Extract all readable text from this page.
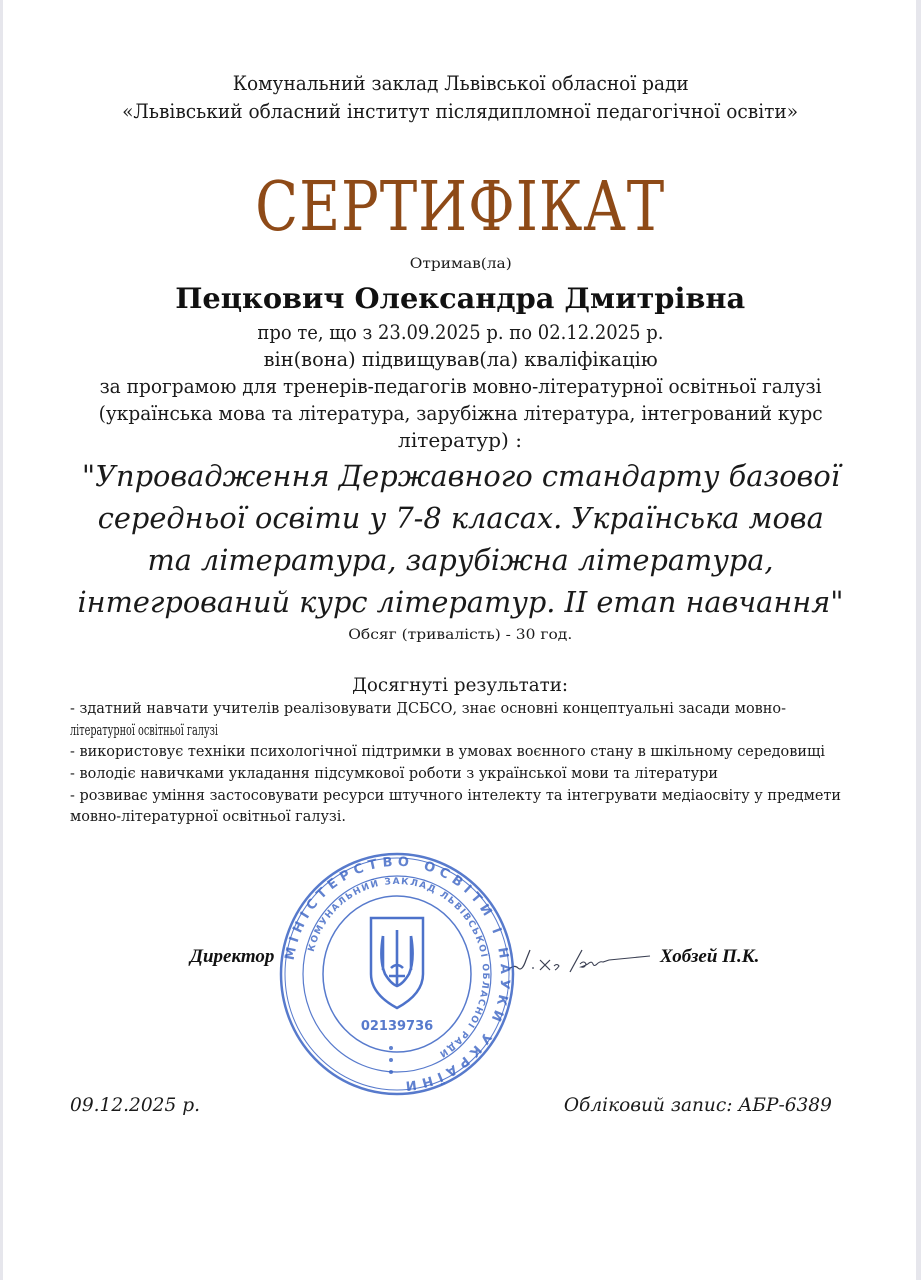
Комунальний заклад Львівської обласної ради
«Львівський обласний інститут післядипломної педагогічної освіти»
СЕРТИФІКАТ
Отримав(ла)
Пецкович Олександра Дмитрівна
про те, що з 23.09.2025 р. по 02.12.2025 р.
він(вона) підвищував(ла) кваліфікацію
за програмою для тренерів-педагогів мовно-літературної освітньої галузі
(українська мова та література, зарубіжна література, інтегрований курс
літератур) :
"Упровадження Державного стандарту базової
середньої освіти у 7-8 класах. Українська мова
та література, зарубіжна література,
інтегрований курс літератур. II етап навчання"
Обсяг (тривалість) - 30 год.
Досягнуті результати:
- здатний навчати учителів реалізовувати ДСБСО, знає основні концептуальні засади мовно-
літературної освітньої галузі
- використовує техніки психологічної підтримки в умовах воєнного стану в шкільному середовищі
- володіє навичками укладання підсумкової роботи з української мови та літератури
- розвиває уміння застосовувати ресурси штучного інтелекту та інтегрувати медіаосвіту у предмети
мовно-літературної освітньої галузі.
Директор	Хобзей П.К.
МІНІСТЕРСТВО ОСВІТИ І НАУКИ УКРАЇНИ
КОМУНАЛЬНИЙ ЗАКЛАД ЛЬВІВСЬКОЇ ОБЛАСНОЇ РАДИ
02139736
09.12.2025 р.	Обліковий запис: АБР-6389
